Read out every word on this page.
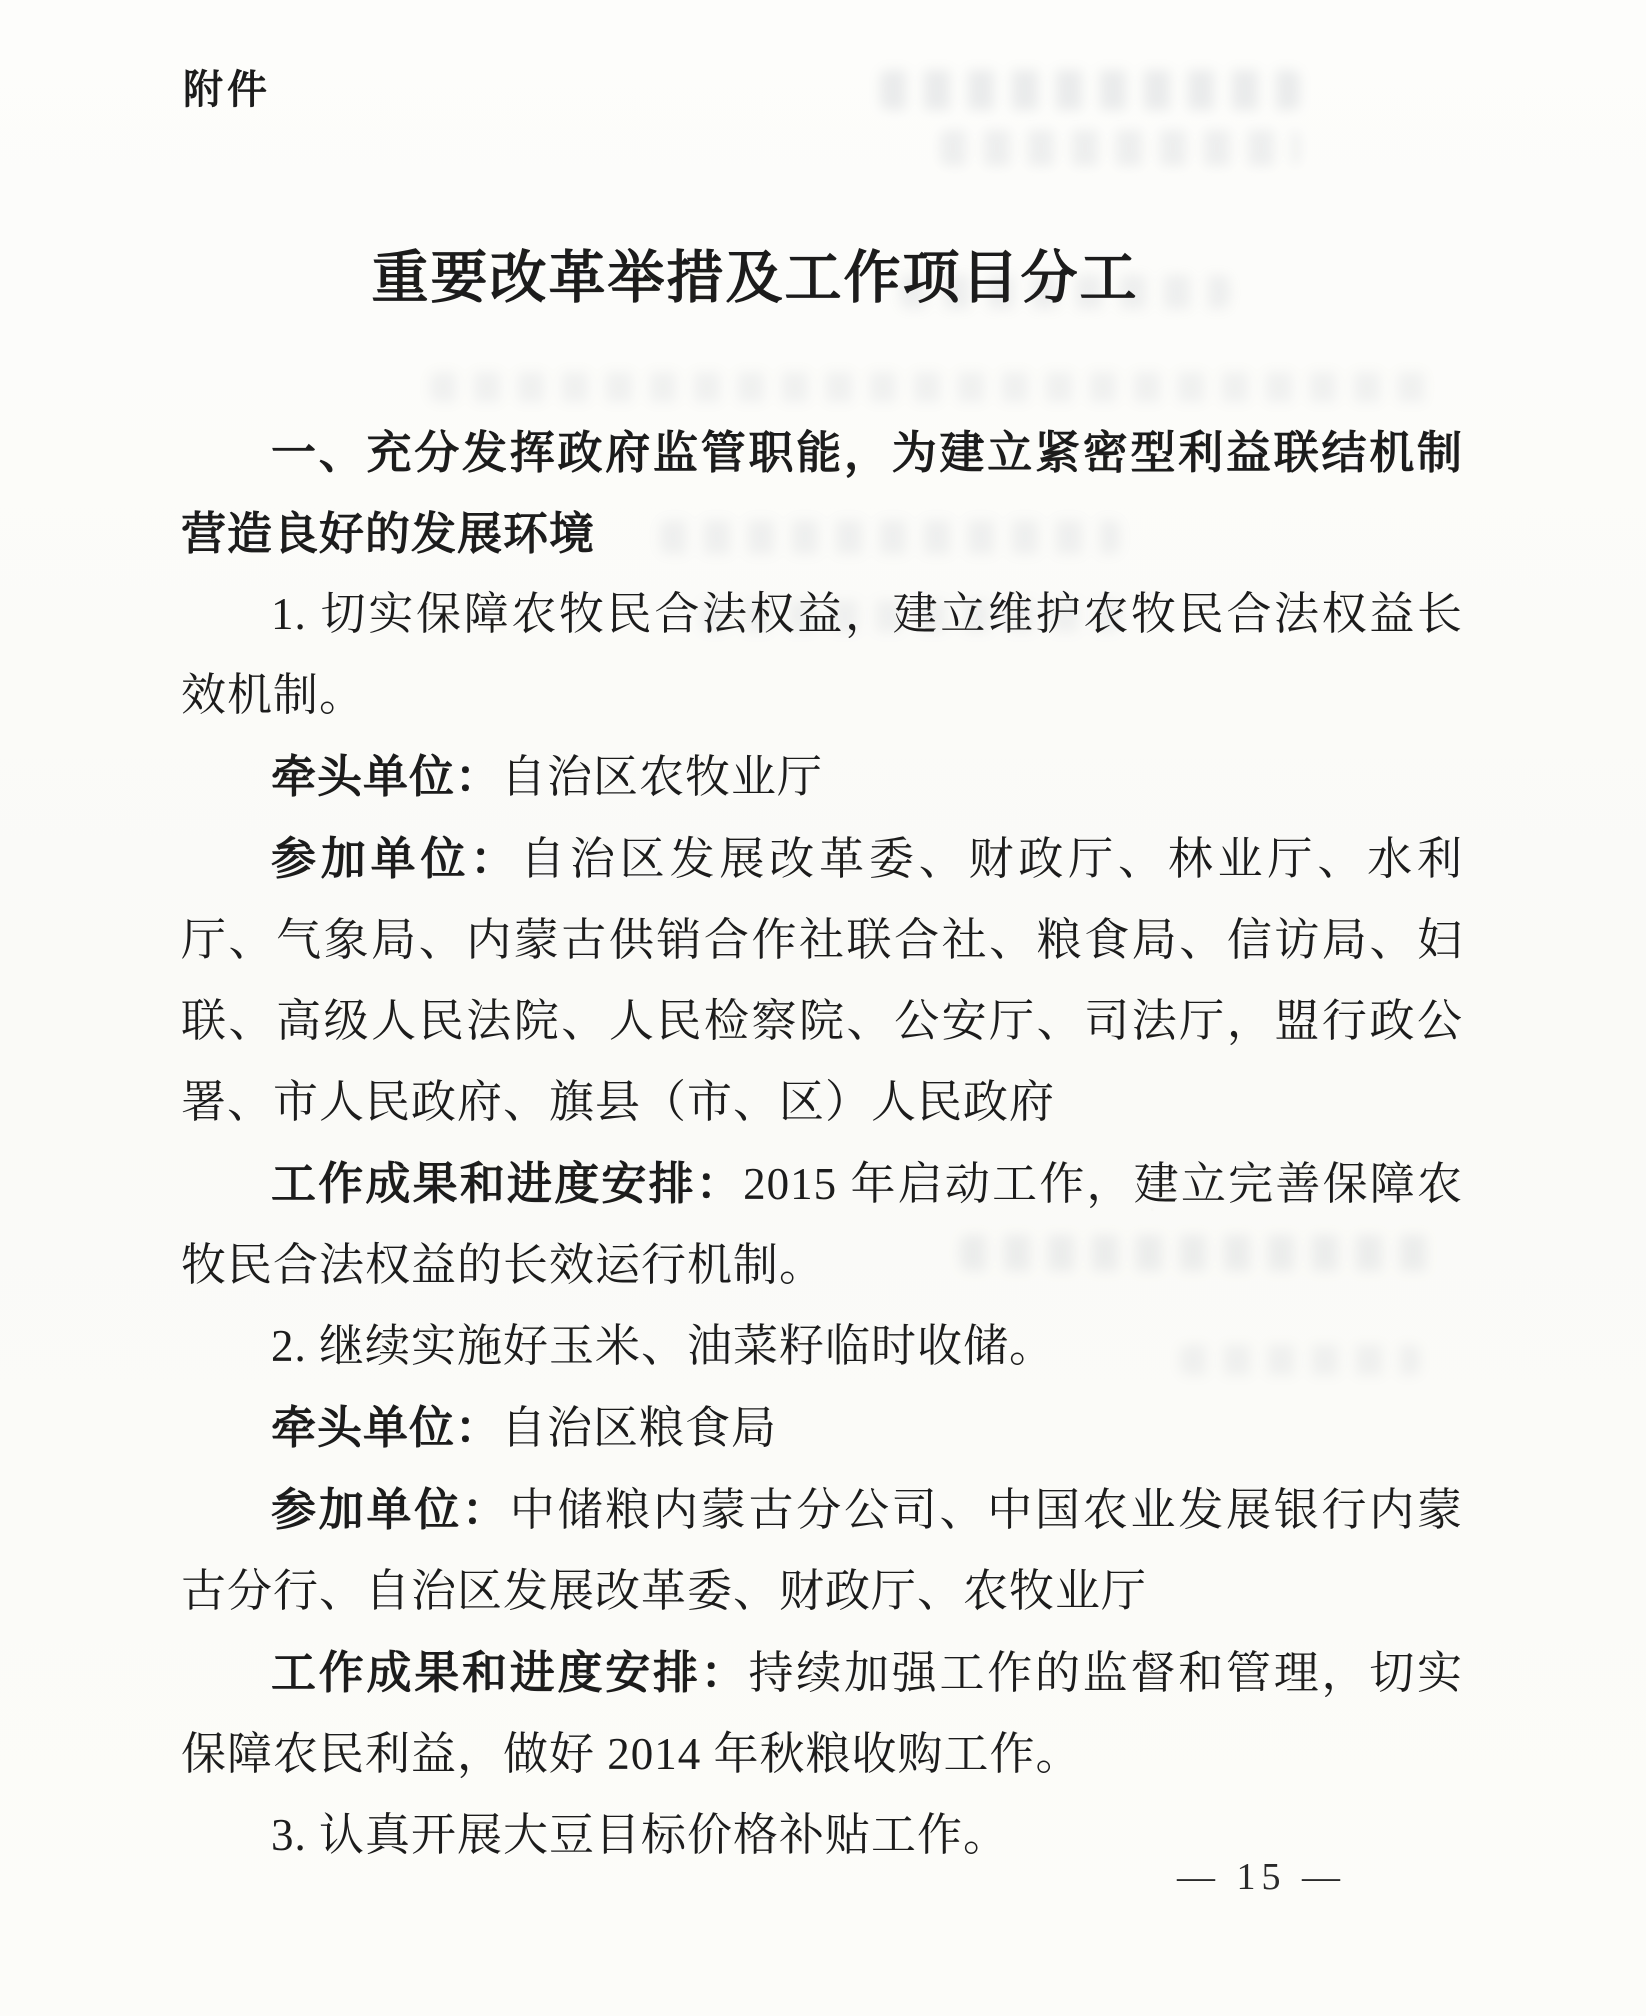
附件
重要改革举措及工作项目分工

一、充分发挥政府监管职能，为建立紧密型利益联结机制营造良好的发展环境

1. 切实保障农牧民合法权益，建立维护农牧民合法权益长效机制。

牵头单位：自治区农牧业厅

参加单位：自治区发展改革委、财政厅、林业厅、水利厅、气象局、内蒙古供销合作社联合社、粮食局、信访局、妇联、高级人民法院、人民检察院、公安厅、司法厅，盟行政公署、市人民政府、旗县（市、区）人民政府

工作成果和进度安排：2015 年启动工作，建立完善保障农牧民合法权益的长效运行机制。

2. 继续实施好玉米、油菜籽临时收储。

牵头单位：自治区粮食局

参加单位：中储粮内蒙古分公司、中国农业发展银行内蒙古分行、自治区发展改革委、财政厅、农牧业厅

工作成果和进度安排：持续加强工作的监督和管理，切实保障农民利益，做好 2014 年秋粮收购工作。

3. 认真开展大豆目标价格补贴工作。

— 15 —
